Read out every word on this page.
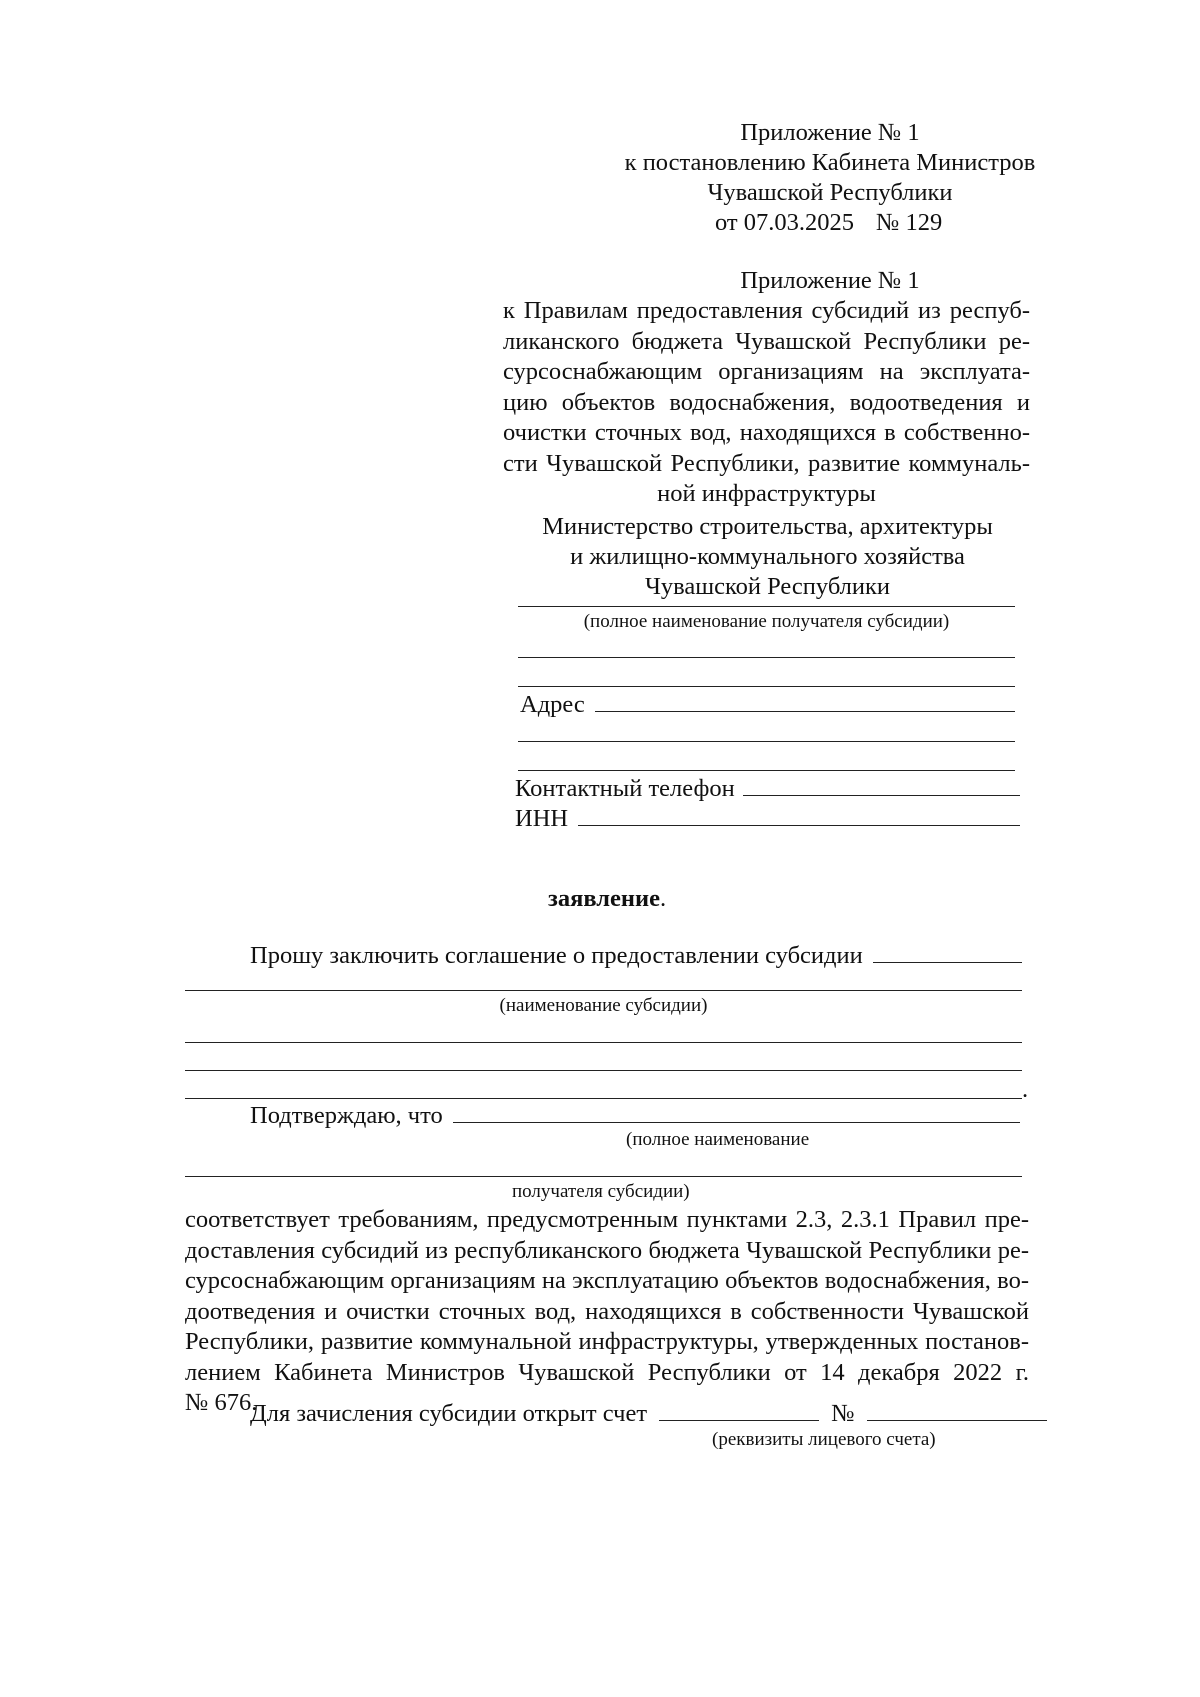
Приложение № 1
к постановлению Кабинета Министров
Чувашской Республики
от 07.03.2025 № 129
Приложение № 1
к Правилам предоставления субсидий из респуб-
ликанского бюджета Чувашской Республики ре-
сурсоснабжающим организациям на эксплуата-
цию объектов водоснабжения, водоотведения и
очистки сточных вод, находящихся в собственно-
сти Чувашской Республики, развитие коммуналь-
ной инфраструктуры
Министерство строительства, архитектуры
и жилищно-коммунального хозяйства
Чувашской Республики
(полное наименование получателя субсидии)
Адрес
Контактный телефон
ИНН
заявление.
Прошу заключить соглашение о предоставлении субсидии
(наименование субсидии)
.
Подтверждаю, что
(полное наименование
получателя субсидии)
соответствует требованиям, предусмотренным пунктами 2.3, 2.3.1 Правил пре-
доставления субсидий из республиканского бюджета Чувашской Республики ре-
сурсоснабжающим организациям на эксплуатацию объектов водоснабжения, во-
доотведения и очистки сточных вод, находящихся в собственности Чувашской
Республики, развитие коммунальной инфраструктуры, утвержденных постанов-
лением Кабинета Министров Чувашской Республики от 14 декабря 2022 г.
№ 676.
Для зачисления субсидии открыт счет	№
(реквизиты лицевого счета)
